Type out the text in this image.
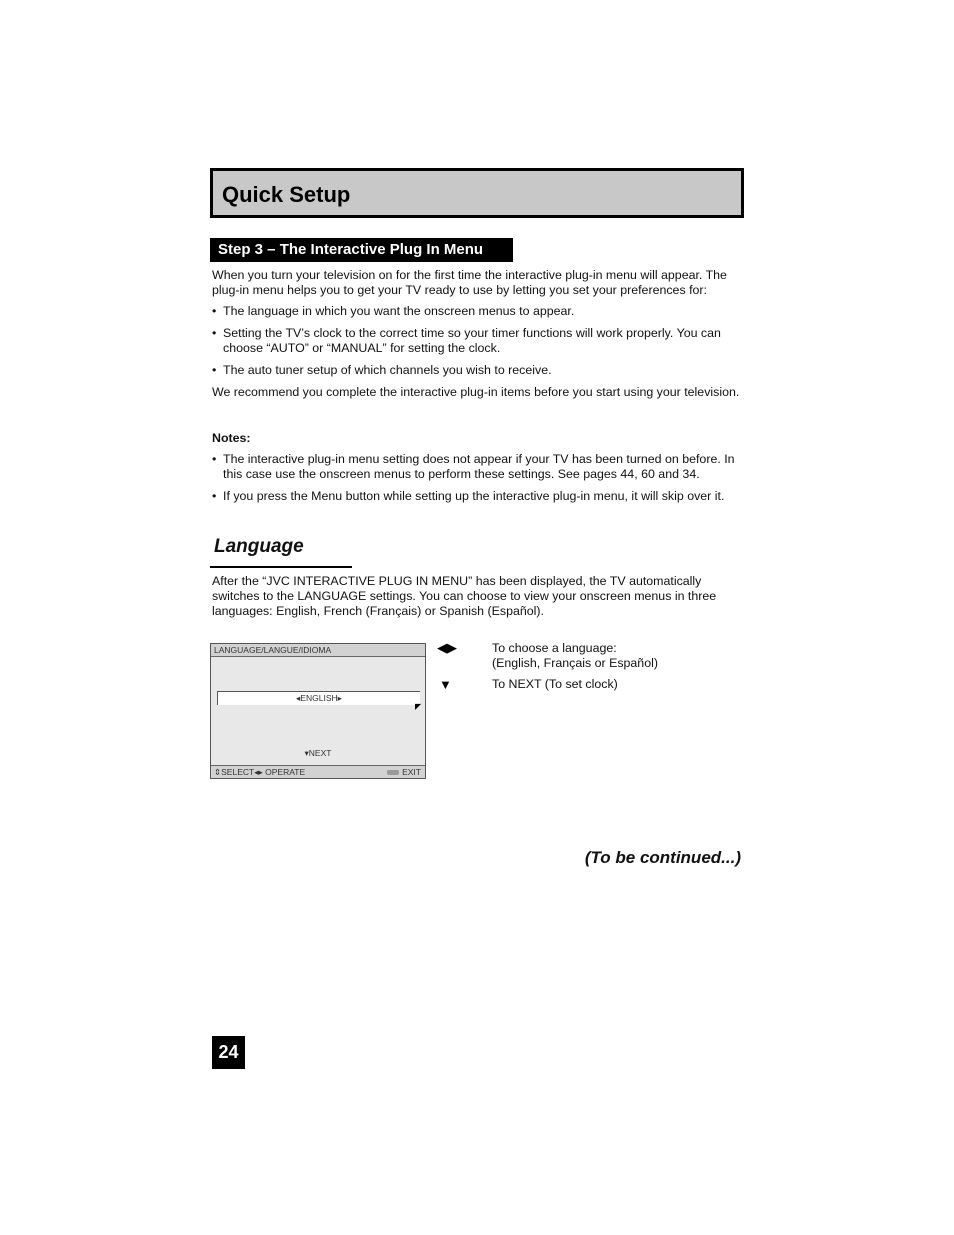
Quick Setup
Step 3 – The Interactive Plug In Menu
When you turn your television on for the first time the interactive plug-in menu will appear. The plug-in menu helps you to get your TV ready to use by letting you set your preferences for:
• The language in which you want the onscreen menus to appear.
• Setting the TV’s clock to the correct time so your timer functions will work properly. You can choose “AUTO” or “MANUAL” for setting the clock.
• The auto tuner setup of which channels you wish to receive.
We recommend you complete the interactive plug-in items before you start using your television.
Notes:
• The interactive plug-in menu setting does not appear if your TV has been turned on before. In this case use the onscreen menus to perform these settings. See pages 44, 60 and 34.
• If you press the Menu button while setting up the interactive plug-in menu, it will skip over it.
Language
After the “JVC INTERACTIVE PLUG IN MENU” has been displayed, the TV automatically switches to the LANGUAGE settings. You can choose to view your onscreen menus in three languages: English, French (Français) or Spanish (Español).
LANGUAGE/LANGUE/IDIOMA
◂ENGLISH▸
◤
▾NEXT
⇕SELECT◂▸ OPERATE	EXIT
◀▶	To choose a language:
(English, Français or Español)
▼	To NEXT (To set clock)
(To be continued...)
24
